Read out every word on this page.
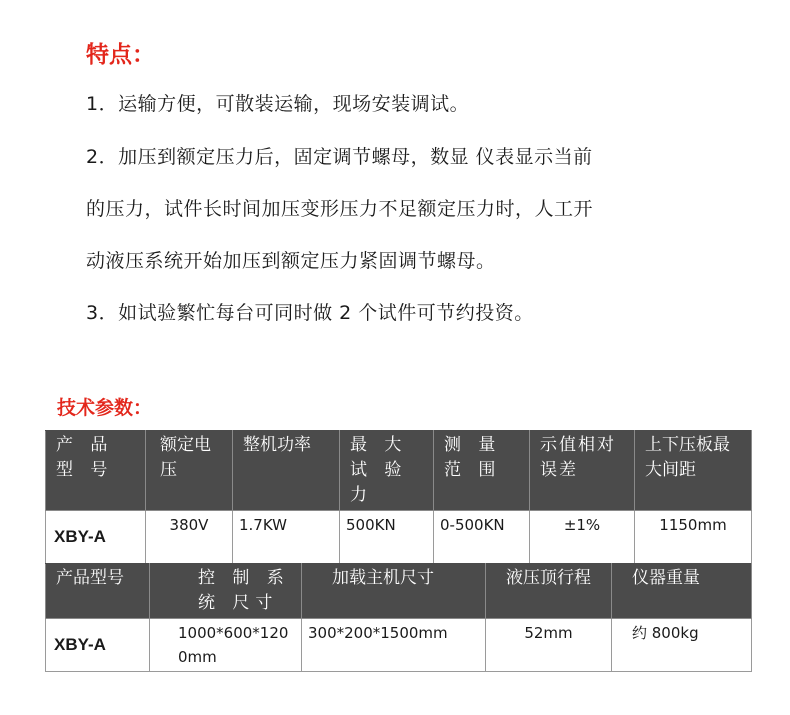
特点：
1．运输方便，可散装运输，现场安装调试。
2．加压到额定压力后，固定调节螺母，数显 仪表显示当前
的压力，试件长时间加压变形压力不足额定压力时，人工开
动液压系统开始加压到额定压力紧固调节螺母。
3．如试验繁忙每台可同时做 2 个试件可节约投资。
技术参数：
产 品 型 号	额定电压	整机功率	最 大 试 验力	测 量 范 围	示值相对误差	上下压板最大间距
XBY-A	380V	1.7KW	500KN	0-500KN	±1%	1150mm
产品型号	控 制 系 统 尺寸	加载主机尺寸	液压顶行程	仪器重量
XBY-A	1000*600*1200mm	300*200*1500mm	52mm	约 800kg
